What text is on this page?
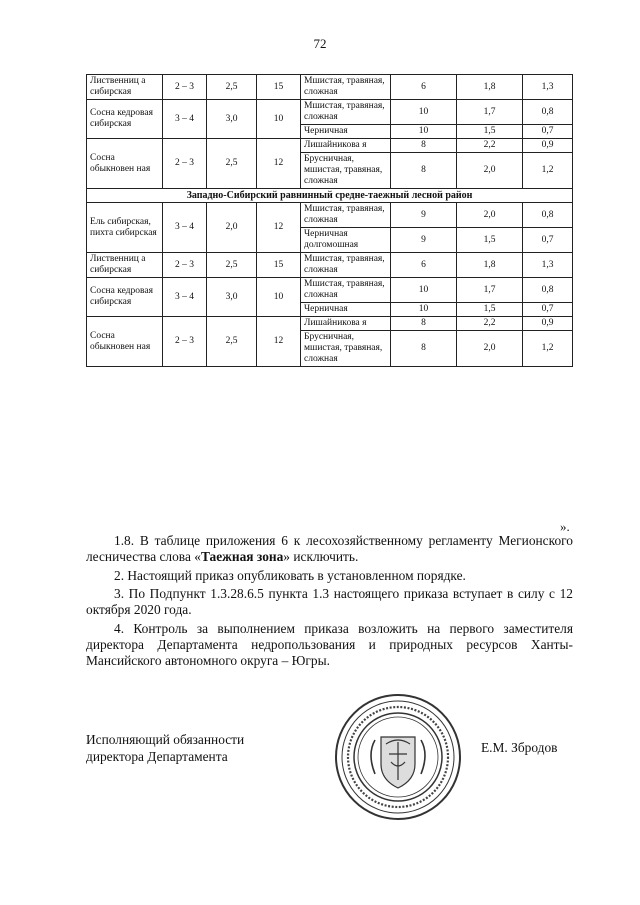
72
Лиственниц а сибирская	2 – 3	2,5	15	Мшистая, травяная, сложная	6	1,8	1,3
Сосна кедровая сибирская	3 – 4	3,0	10	Мшистая, травяная, сложная	10	1,7	0,8
				Черничная	10	1,5	0,7
Сосна обыкновен ная	2 – 3	2,5	12	Лишайникова я	8	2,2	0,9
				Брусничная, мшистая, травяная, сложная	8	2,0	1,2
Западно-Сибирский равнинный средне-таежный лесной район							
Ель сибирская, пихта сибирская	3 – 4	2,0	12	Мшистая, травяная, сложная	9	2,0	0,8
				Черничная долгомошная	9	1,5	0,7
Лиственниц а сибирская	2 – 3	2,5	15	Мшистая, травяная, сложная	6	1,8	1,3
Сосна кедровая сибирская	3 – 4	3,0	10	Мшистая, травяная, сложная	10	1,7	0,8
				Черничная	10	1,5	0,7
Сосна обыкновен ная	2 – 3	2,5	12	Лишайникова я	8	2,2	0,9
				Брусничная, мшистая, травяная, сложная	8	2,0	1,2
».
1.8. В таблице приложения 6 к лесохозяйственному регламенту Мегионского лесничества слова «Таежная зона» исключить.
2. Настоящий приказ опубликовать в установленном порядке.
3. По Подпункт 1.3.28.6.5 пункта 1.3 настоящего приказа вступает в силу с 12 октября 2020 года.
4. Контроль за выполнением приказа возложить на первого заместителя директора Департамента недропользования и природных ресурсов Ханты-Мансийского автономного округа – Югры.
Исполняющий обязанности
директора Департамента
Е.М. Збродов
